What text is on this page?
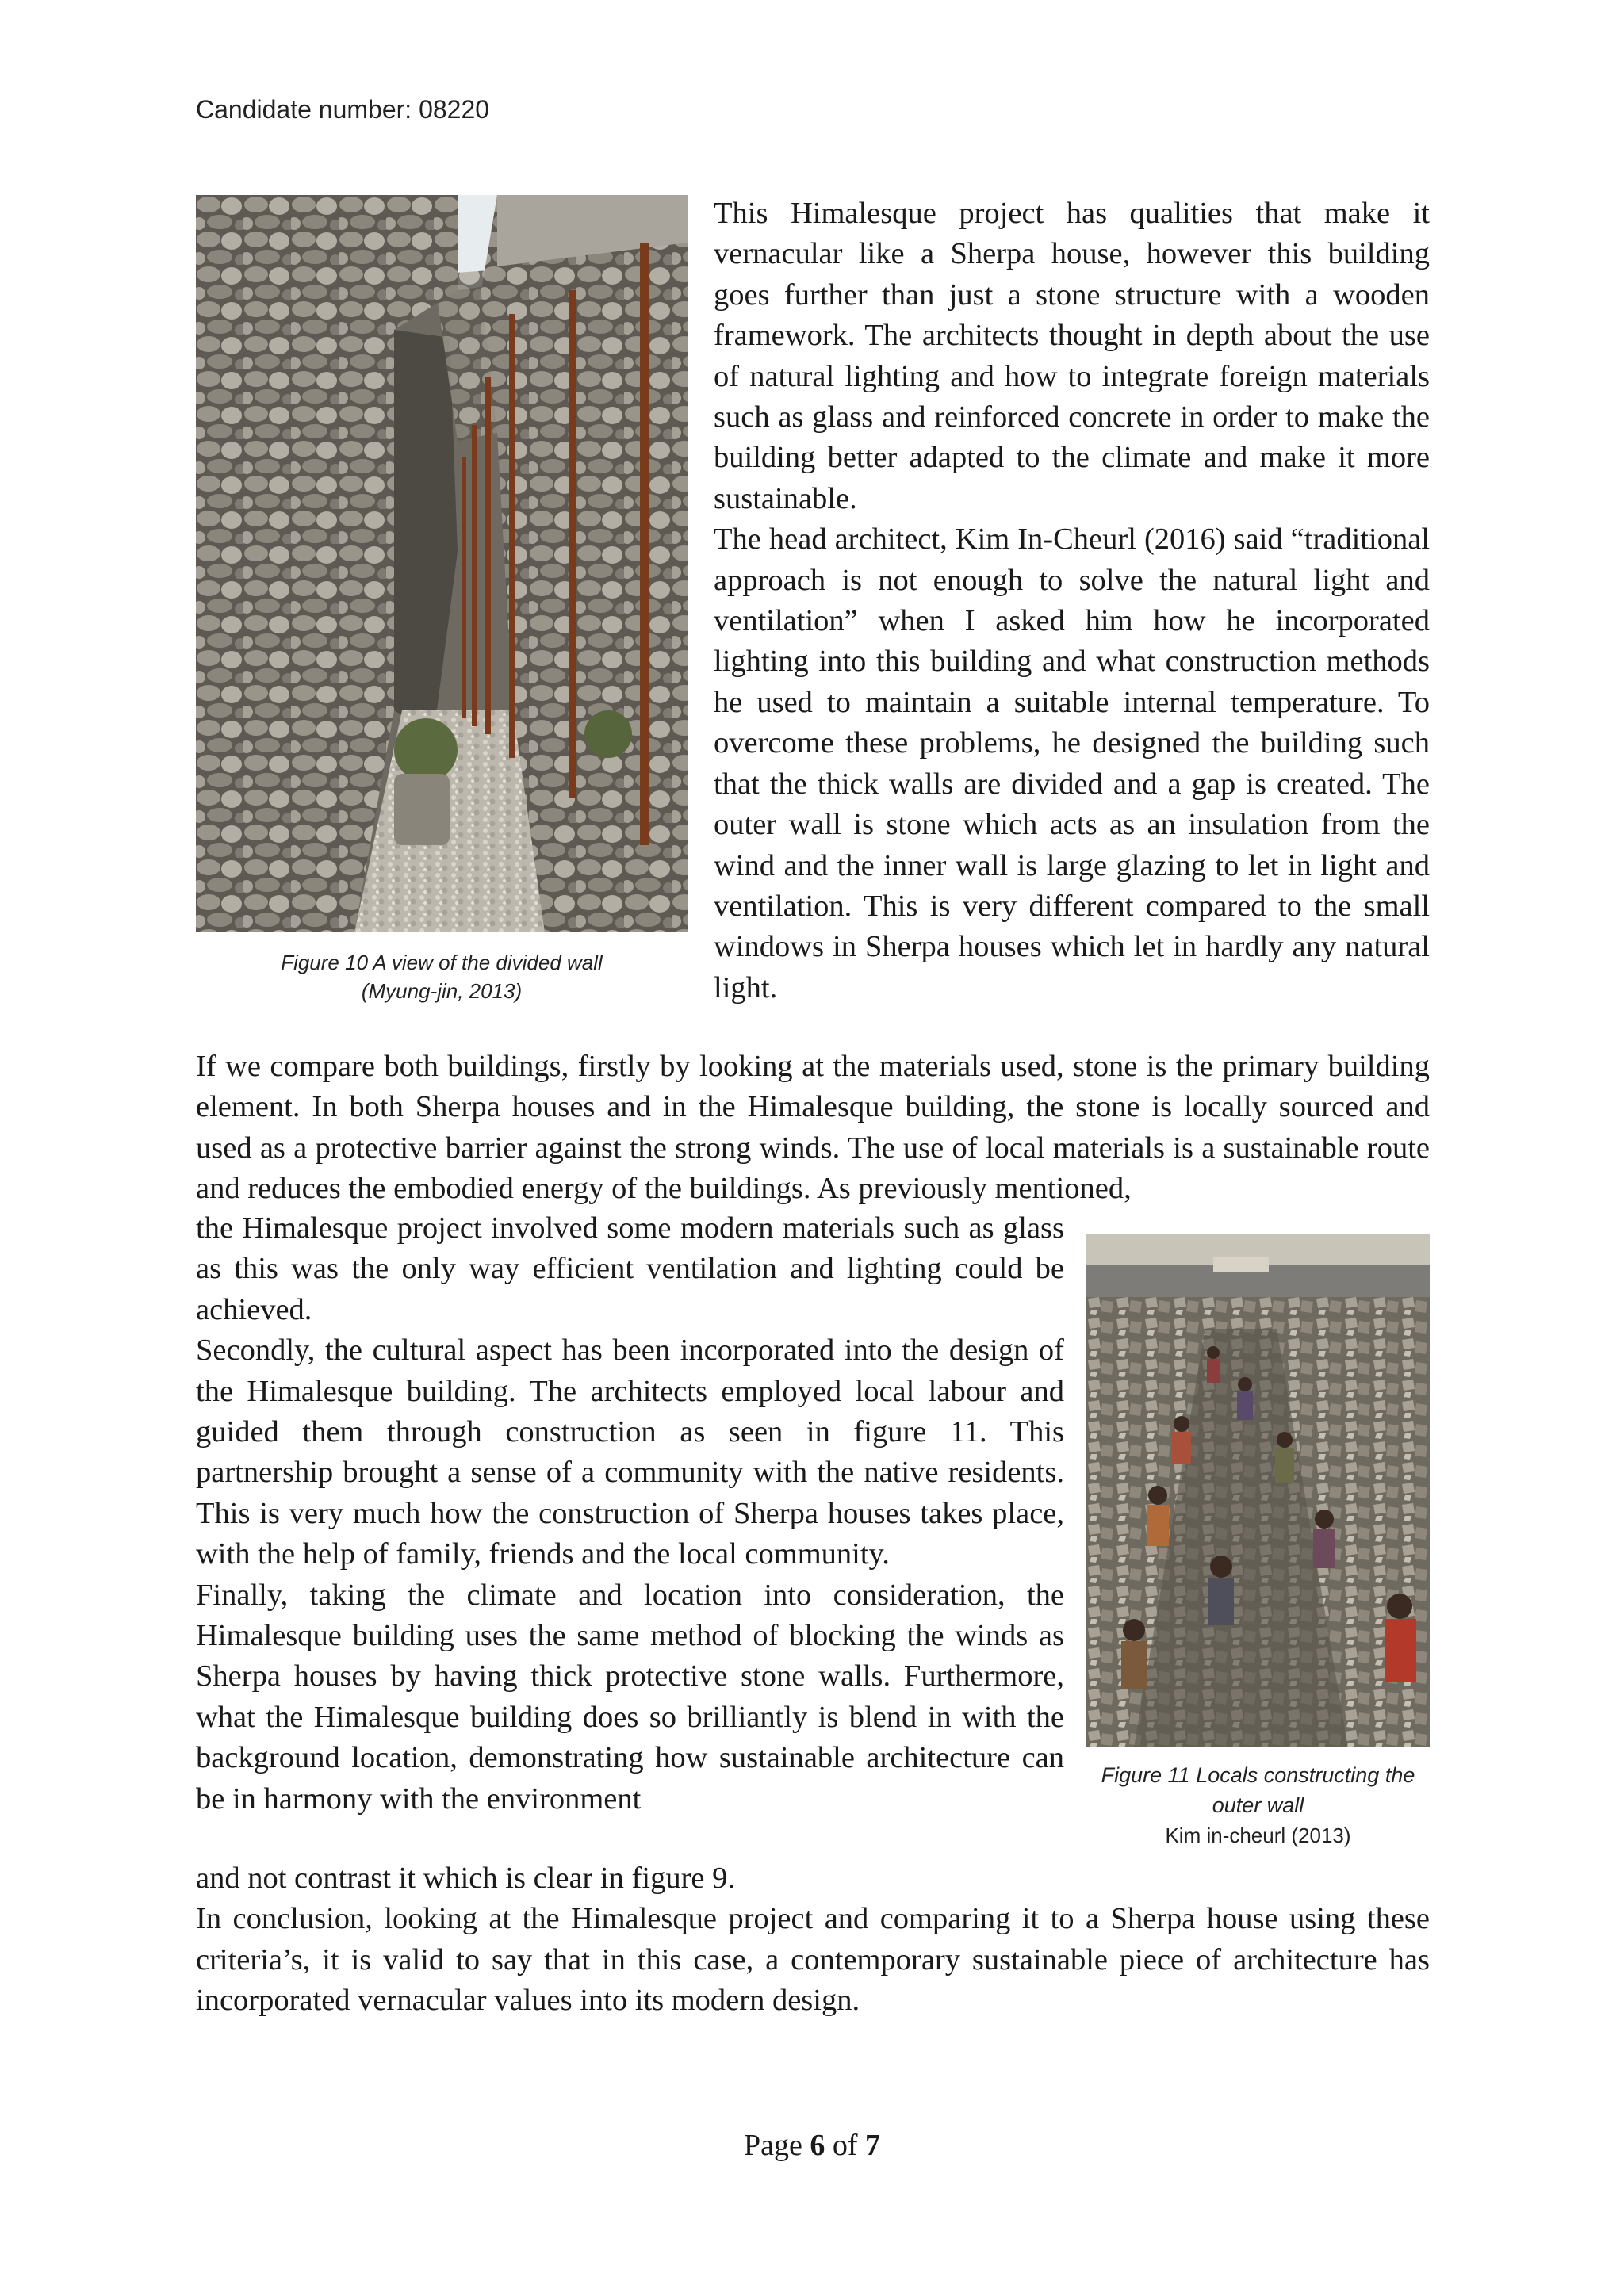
Candidate number: 08220
Figure 10 A view of the divided wall
(Myung-jin, 2013)

This Himalesque project has qualities that make it vernacular like a Sherpa house, however this building goes further than just a stone structure with a wooden framework. The architects thought in depth about the use of natural lighting and how to integrate foreign materials such as glass and reinforced concrete in order to make the building better adapted to the climate and make it more sustainable.

The head architect, Kim In-Cheurl (2016) said “traditional approach is not enough to solve the natural light and ventilation” when I asked him how he incorporated lighting into this building and what construction methods he used to maintain a suitable internal temperature. To overcome these problems, he designed the building such that the thick walls are divided and a gap is created. The outer wall is stone which acts as an insulation from the wind and the inner wall is large glazing to let in light and ventilation. This is very different compared to the small windows in Sherpa houses which let in hardly any natural light.

If we compare both buildings, firstly by looking at the materials used, stone is the primary building element. In both Sherpa houses and in the Himalesque building, the stone is locally sourced and used as a protective barrier against the strong winds. The use of local materials is a sustainable route and reduces the embodied energy of the buildings. As previously mentioned,

the Himalesque project involved some modern materials such as glass as this was the only way efficient ventilation and lighting could be achieved.

Secondly, the cultural aspect has been incorporated into the design of the Himalesque building. The architects employed local labour and guided them through construction as seen in figure 11. This partnership brought a sense of a community with the native residents. This is very much how the construction of Sherpa houses takes place, with the help of family, friends and the local community.

Finally, taking the climate and location into consideration, the Himalesque building uses the same method of blocking the winds as Sherpa houses by having thick protective stone walls. Furthermore, what the Himalesque building does so brilliantly is blend in with the background location, demonstrating how sustainable architecture can be in harmony with the environment

Figure 11 Locals constructing the
outer wall
Kim in-cheurl (2013)

and not contrast it which is clear in figure 9.

In conclusion, looking at the Himalesque project and comparing it to a Sherpa house using these criteria’s, it is valid to say that in this case, a contemporary sustainable piece of architecture has incorporated vernacular values into its modern design.

Page 6 of 7
